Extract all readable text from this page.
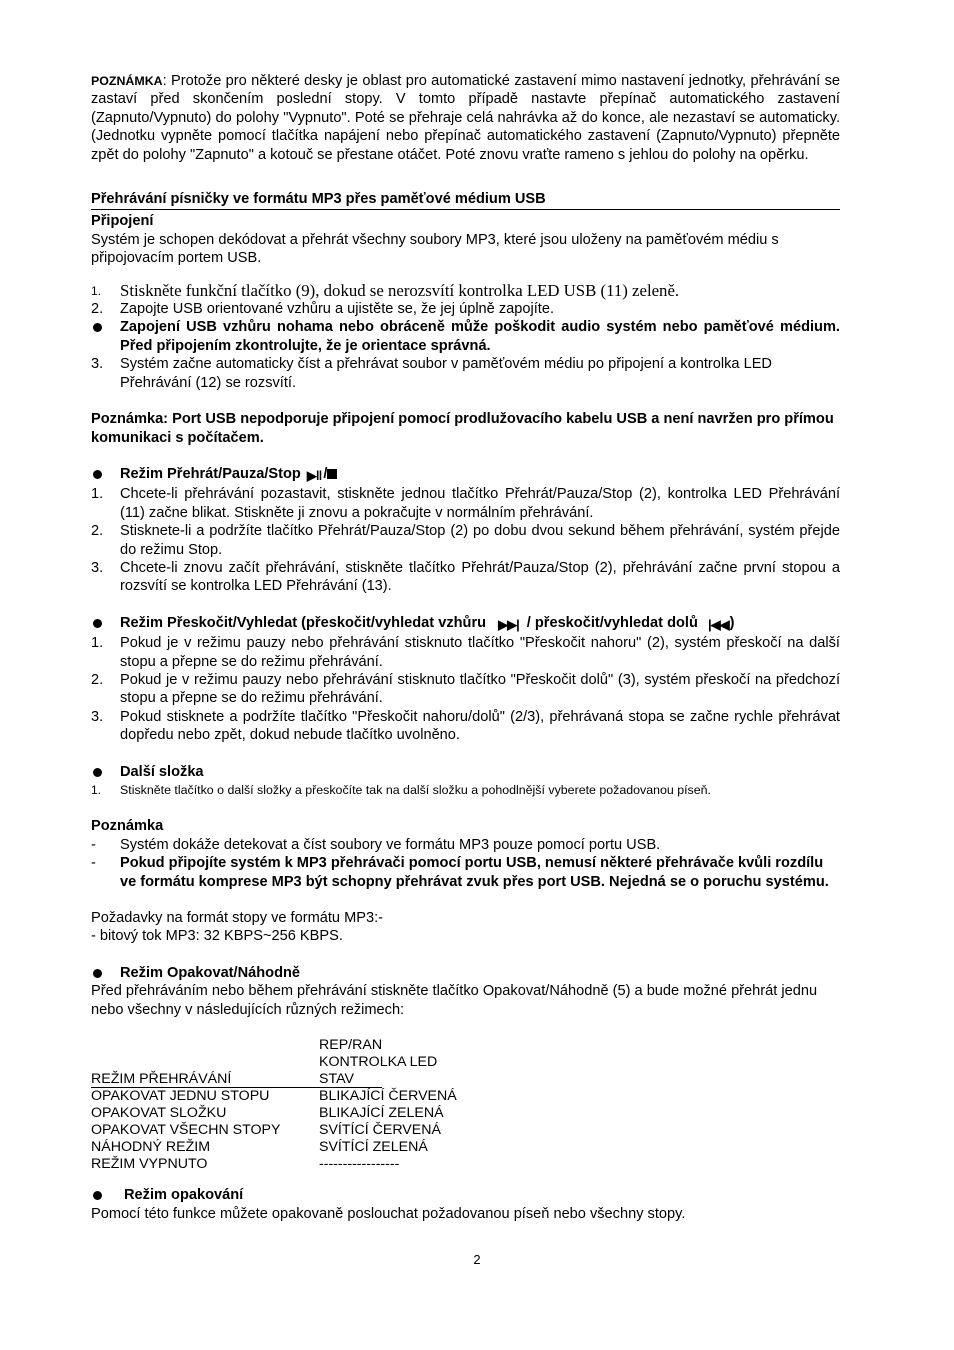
POZNÁMKA: Protože pro některé desky je oblast pro automatické zastavení mimo nastavení jednotky, přehrávání se zastaví před skončením poslední stopy. V tomto případě nastavte přepínač automatického zastavení (Zapnuto/Vypnuto) do polohy "Vypnuto". Poté se přehraje celá nahrávka až do konce, ale nezastaví se automaticky. (Jednotku vypněte pomocí tlačítka napájení nebo přepínač automatického zastavení (Zapnuto/Vypnuto) přepněte zpět do polohy "Zapnuto" a kotouč se přestane otáčet. Poté znovu vraťte rameno s jehlou do polohy na opěrku.

Přehrávání písničky ve formátu MP3 přes paměťové médium USB

Připojení

Systém je schopen dekódovat a přehrát všechny soubory MP3, které jsou uloženy na paměťovém médiu s připojovacím portem USB.

1.	Stiskněte funkční tlačítko (9), dokud se nerozsvítí kontrolka LED USB (11) zeleně.
2.	Zapojte USB orientované vzhůru a ujistěte se, že jej úplně zapojíte.
Zapojení USB vzhůru nohama nebo obráceně může poškodit audio systém nebo paměťové médium. Před připojením zkontrolujte, že je orientace správná.
3.	Systém začne automaticky číst a přehrávat soubor v paměťovém médiu po připojení a kontrolka LED Přehrávání (12) se rozsvítí.

Poznámka: Port USB nepodporuje připojení pomocí prodlužovacího kabelu USB a není navržen pro přímou komunikaci s počítačem.

Režim Přehrát/Pauza/Stop ▶‖ /
1.	Chcete-li přehrávání pozastavit, stiskněte jednou tlačítko Přehrát/Pauza/Stop (2), kontrolka LED Přehrávání (11) začne blikat. Stiskněte ji znovu a pokračujte v normálním přehrávání.
2.	Stisknete-li a podržíte tlačítko Přehrát/Pauza/Stop (2) po dobu dvou sekund během přehrávání, systém přejde do režimu Stop.
3.	Chcete-li znovu začít přehrávání, stiskněte tlačítko Přehrát/Pauza/Stop (2), přehrávání začne první stopou a rozsvítí se kontrolka LED Přehrávání (13).
Režim Přeskočit/Vyhledat (přeskočit/vyhledat vzhůru ▶▶| / přeskočit/vyhledat dolů |◀◀)
1.	Pokud je v režimu pauzy nebo přehrávání stisknuto tlačítko "Přeskočit nahoru" (2), systém přeskočí na další stopu a přepne se do režimu přehrávání.
2.	Pokud je v režimu pauzy nebo přehrávání stisknuto tlačítko "Přeskočit dolů" (3), systém přeskočí na předchozí stopu a přepne se do režimu přehrávání.
3.	Pokud stisknete a podržíte tlačítko "Přeskočit nahoru/dolů" (2/3), přehrávaná stopa se začne rychle přehrávat dopředu nebo zpět, dokud nebude tlačítko uvolněno.
Další složka
1.	Stiskněte tlačítko o další složky a přeskočíte tak na další složku a pohodlnější vyberete požadovanou píseň.

Poznámka

-	Systém dokáže detekovat a číst soubory ve formátu MP3 pouze pomocí portu USB.
-	Pokud připojíte systém k MP3 přehrávači pomocí portu USB, nemusí některé přehrávače kvůli rozdílu ve formátu komprese MP3 být schopny přehrávat zvuk přes port USB. Nejedná se o poruchu systému.

Požadavky na formát stopy ve formátu MP3:-

- bitový tok MP3: 32 KBPS~256 KBPS.

Režim Opakovat/Náhodně

Před přehráváním nebo během přehrávání stiskněte tlačítko Opakovat/Náhodně (5) a bude možné přehrát jednu nebo všechny v následujících různých režimech:

	REP/RAN
	KONTROLKA LED
REŽIM PŘEHRÁVÁNÍ	STAV
OPAKOVAT JEDNU STOPU	BLIKAJÍCÍ ČERVENÁ
OPAKOVAT SLOŽKU	BLIKAJÍCÍ ZELENÁ
OPAKOVAT VŠECHN STOPY	SVÍTÍCÍ ČERVENÁ
NÁHODNÝ REŽIM	SVÍTÍCÍ ZELENÁ
REŽIM VYPNUTO	-----------------
Režim opakování

Pomocí této funkce můžete opakovaně poslouchat požadovanou píseň nebo všechny stopy.

2
